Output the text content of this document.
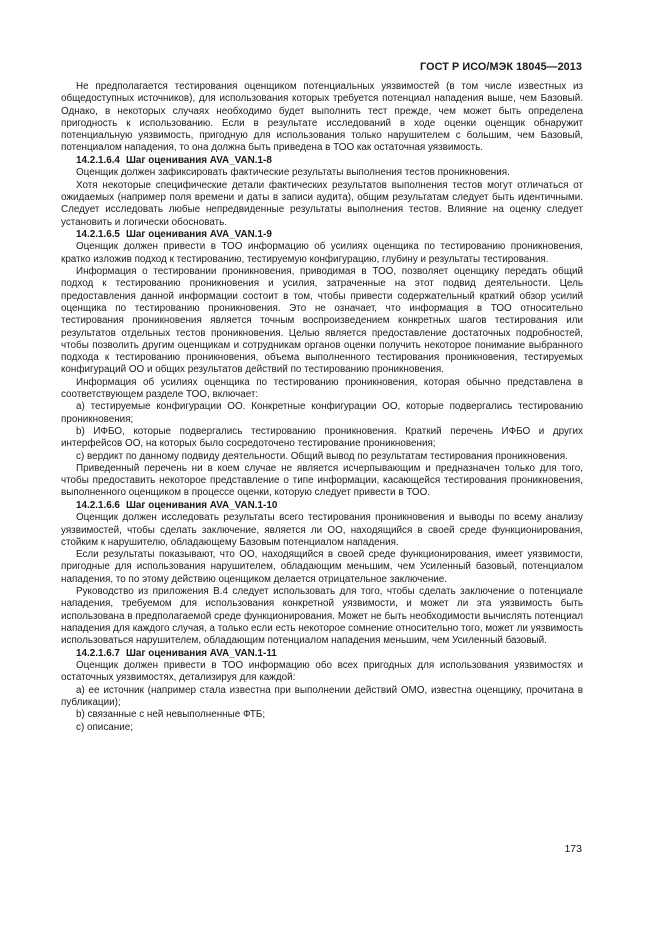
ГОСТ Р ИСО/МЭК 18045—2013

Не предполагается тестирования оценщиком потенциальных уязвимостей (в том числе известных из общедоступных источников), для использования которых требуется потенциал нападения выше, чем Базовый. Однако, в некоторых случаях необходимо будет выполнить тест прежде, чем может быть определена пригодность к использованию. Если в результате исследований в ходе оценки оценщик обнаружит потенциальную уязвимость, пригодную для использования только нарушителем с большим, чем Базовый, потенциалом нападения, то она должна быть приведена в ТОО как остаточная уязвимость.

14.2.1.6.4 Шаг оценивания AVA_VAN.1-8

Оценщик должен зафиксировать фактические результаты выполнения тестов проникновения.

Хотя некоторые специфические детали фактических результатов выполнения тестов могут отличаться от ожидаемых (например поля времени и даты в записи аудита), общим результатам следует быть идентичными. Следует исследовать любые непредвиденные результаты выполнения тестов. Влияние на оценку следует установить и логически обосновать.

14.2.1.6.5 Шаг оценивания AVA_VAN.1-9

Оценщик должен привести в ТОО информацию об усилиях оценщика по тестированию проникновения, кратко изложив подход к тестированию, тестируемую конфигурацию, глубину и результаты тестирования.

Информация о тестировании проникновения, приводимая в ТОО, позволяет оценщику передать общий подход к тестированию проникновения и усилия, затраченные на этот подвид деятельности. Цель предоставления данной информации состоит в том, чтобы привести содержательный краткий обзор усилий оценщика по тестированию проникновения. Это не означает, что информация в ТОО относительно тестирования проникновения является точным воспроизведением конкретных шагов тестирования или результатов отдельных тестов проникновения. Целью является предоставление достаточных подробностей, чтобы позволить другим оценщикам и сотрудникам органов оценки получить некоторое понимание выбранного подхода к тестированию проникновения, объема выполненного тестирования проникновения, тестируемых конфигураций ОО и общих результатов действий по тестированию проникновения.

Информация об усилиях оценщика по тестированию проникновения, которая обычно представлена в соответствующем разделе ТОО, включает:

a) тестируемые конфигурации ОО. Конкретные конфигурации ОО, которые подвергались тестированию проникновения;

b) ИФБО, которые подвергались тестированию проникновения. Краткий перечень ИФБО и других интерфейсов ОО, на которых было сосредоточено тестирование проникновения;

c) вердикт по данному подвиду деятельности. Общий вывод по результатам тестирования проникновения.

Приведенный перечень ни в коем случае не является исчерпывающим и предназначен только для того, чтобы предоставить некоторое представление о типе информации, касающейся тестирования проникновения, выполненного оценщиком в процессе оценки, которую следует привести в ТОО.

14.2.1.6.6 Шаг оценивания AVA_VAN.1-10

Оценщик должен исследовать результаты всего тестирования проникновения и выводы по всему анализу уязвимостей, чтобы сделать заключение, является ли ОО, находящийся в своей среде функционирования, стойким к нарушителю, обладающему Базовым потенциалом нападения.

Если результаты показывают, что ОО, находящийся в своей среде функционирования, имеет уязвимости, пригодные для использования нарушителем, обладающим меньшим, чем Усиленный базовый, потенциалом нападения, то по этому действию оценщиком делается отрицательное заключение.

Руководство из приложения В.4 следует использовать для того, чтобы сделать заключение о потенциале нападения, требуемом для использования конкретной уязвимости, и может ли эта уязвимость быть использована в предполагаемой среде функционирования. Может не быть необходимости вычислять потенциал нападения для каждого случая, а только если есть некоторое сомнение относительно того, может ли уязвимость использоваться нарушителем, обладающим потенциалом нападения меньшим, чем Усиленный базовый.

14.2.1.6.7 Шаг оценивания AVA_VAN.1-11

Оценщик должен привести в ТОО информацию обо всех пригодных для использования уязвимостях и остаточных уязвимостях, детализируя для каждой:

a) ее источник (например стала известна при выполнении действий ОМО, известна оценщику, прочитана в публикации);

b) связанные с ней невыполненные ФТБ;

c) описание;

173
